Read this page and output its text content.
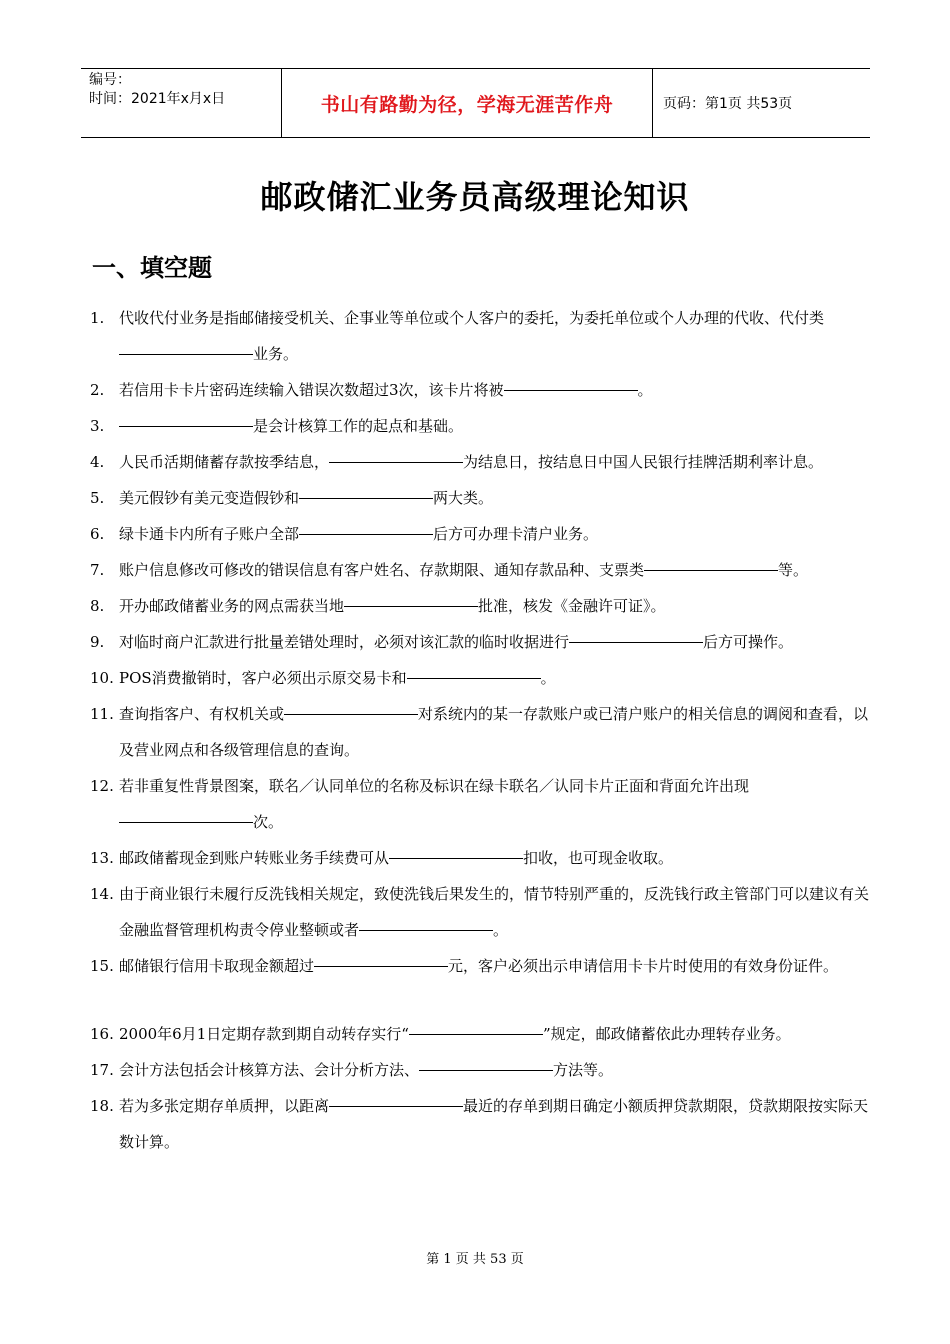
编号：
时间：2021年x月x日	书山有路勤为径，学海无涯苦作舟	页码：第1页 共53页
邮政储汇业务员高级理论知识
一、填空题
1. 代收代付业务是指邮储接受机关、企事业等单位或个人客户的委托，为委托单位或个人办理的代收、代付类业务。
2. 若信用卡卡片密码连续输入错误次数超过3次，该卡片将被	。
3.	是会计核算工作的起点和基础。
4. 人民币活期储蓄存款按季结息，	为结息日，按结息日中国人民银行挂牌活期利率计息。
5. 美元假钞有美元变造假钞和	两大类。
6. 绿卡通卡内所有子账户全部	后方可办理卡清户业务。
7. 账户信息修改可修改的错误信息有客户姓名、存款期限、通知存款品种、支票类	等。
8. 开办邮政储蓄业务的网点需获当地	批准，核发《金融许可证》。
9. 对临时商户汇款进行批量差错处理时，必须对该汇款的临时收据进行	后方可操作。
10. POS消费撤销时，客户必须出示原交易卡和	。
11. 查询指客户、有权机关或	对系统内的某一存款账户或已清户账户的相关信息的调阅和查看，以及营业网点和各级管理信息的查询。
12. 若非重复性背景图案，联名／认同单位的名称及标识在绿卡联名／认同卡片正面和背面允许出现次。
13. 邮政储蓄现金到账户转账业务手续费可从	扣收，也可现金收取。
14. 由于商业银行未履行反洗钱相关规定，致使洗钱后果发生的，情节特别严重的，反洗钱行政主管部门可以建议有关金融监督管理机构责令停业整顿或者	。
15. 邮储银行信用卡取现金额超过	元，客户必须出示申请信用卡卡片时使用的有效身份证件。
16. 2000年6月1日定期存款到期自动转存实行“	”规定，邮政储蓄依此办理转存业务。
17. 会计方法包括会计核算方法、会计分析方法、	方法等。
18. 若为多张定期存单质押，以距离	最近的存单到期日确定小额质押贷款期限，贷款期限按实际天数计算。
第 1 页 共 53 页
